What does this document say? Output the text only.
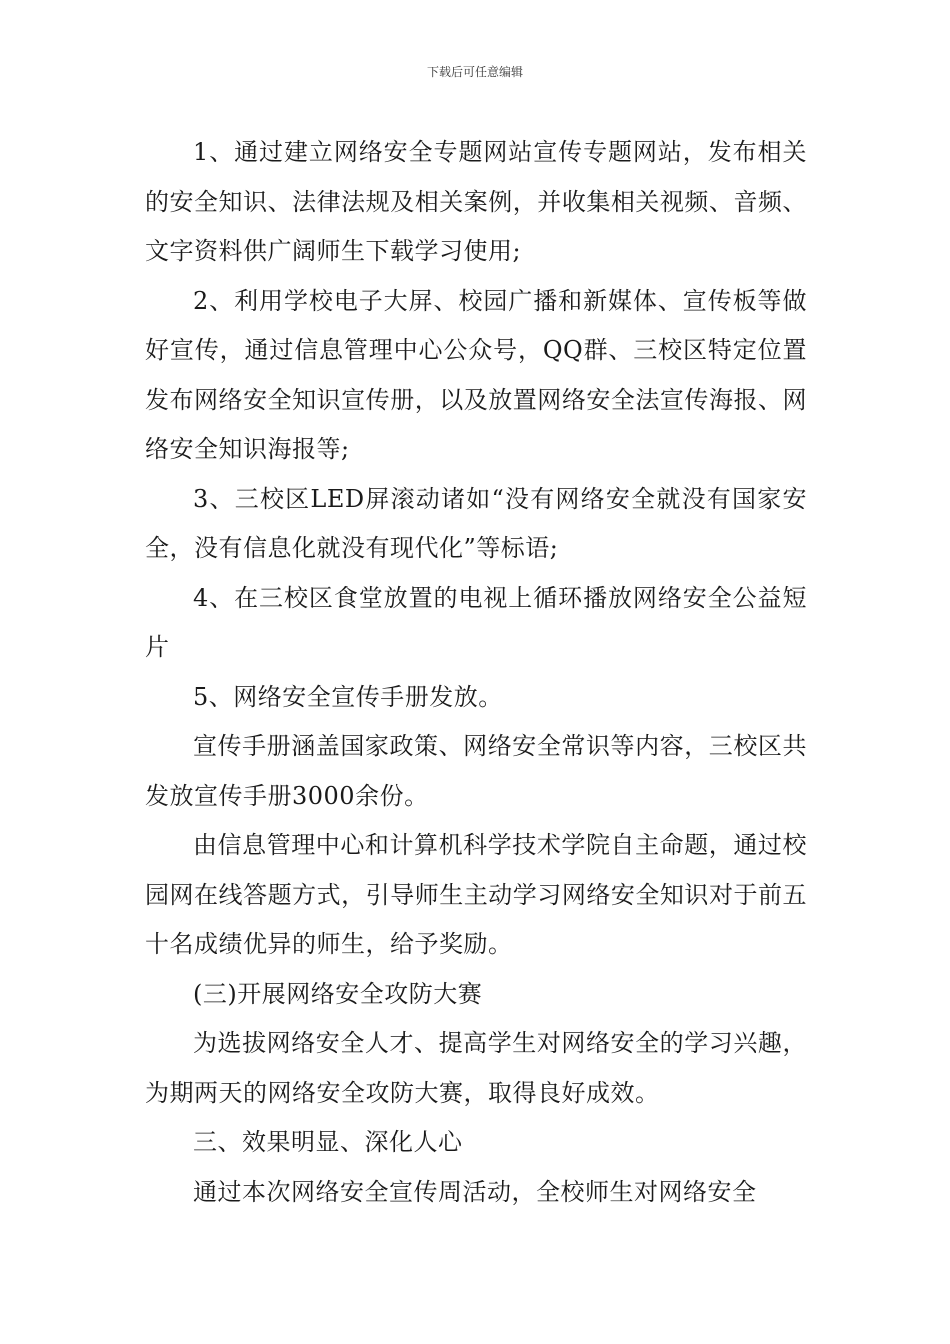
下载后可任意编辑

1、通过建立网络安全专题网站宣传专题网站，发布相关的安全知识、法律法规及相关案例，并收集相关视频、音频、文字资料供广阔师生下载学习使用;

2、利用学校电子大屏、校园广播和新媒体、宣传板等做好宣传，通过信息管理中心公众号，QQ群、三校区特定位置发布网络安全知识宣传册，以及放置网络安全法宣传海报、网络安全知识海报等;

3、三校区LED屏滚动诸如“没有网络安全就没有国家安全，没有信息化就没有现代化”等标语;

4、在三校区食堂放置的电视上循环播放网络安全公益短片

5、网络安全宣传手册发放。

宣传手册涵盖国家政策、网络安全常识等内容，三校区共发放宣传手册3000余份。

由信息管理中心和计算机科学技术学院自主命题，通过校园网在线答题方式，引导师生主动学习网络安全知识对于前五十名成绩优异的师生，给予奖励。

(三)开展网络安全攻防大赛

为选拔网络安全人才、提高学生对网络安全的学习兴趣，为期两天的网络安全攻防大赛，取得良好成效。

三、效果明显、深化人心

通过本次网络安全宣传周活动，全校师生对网络安全
